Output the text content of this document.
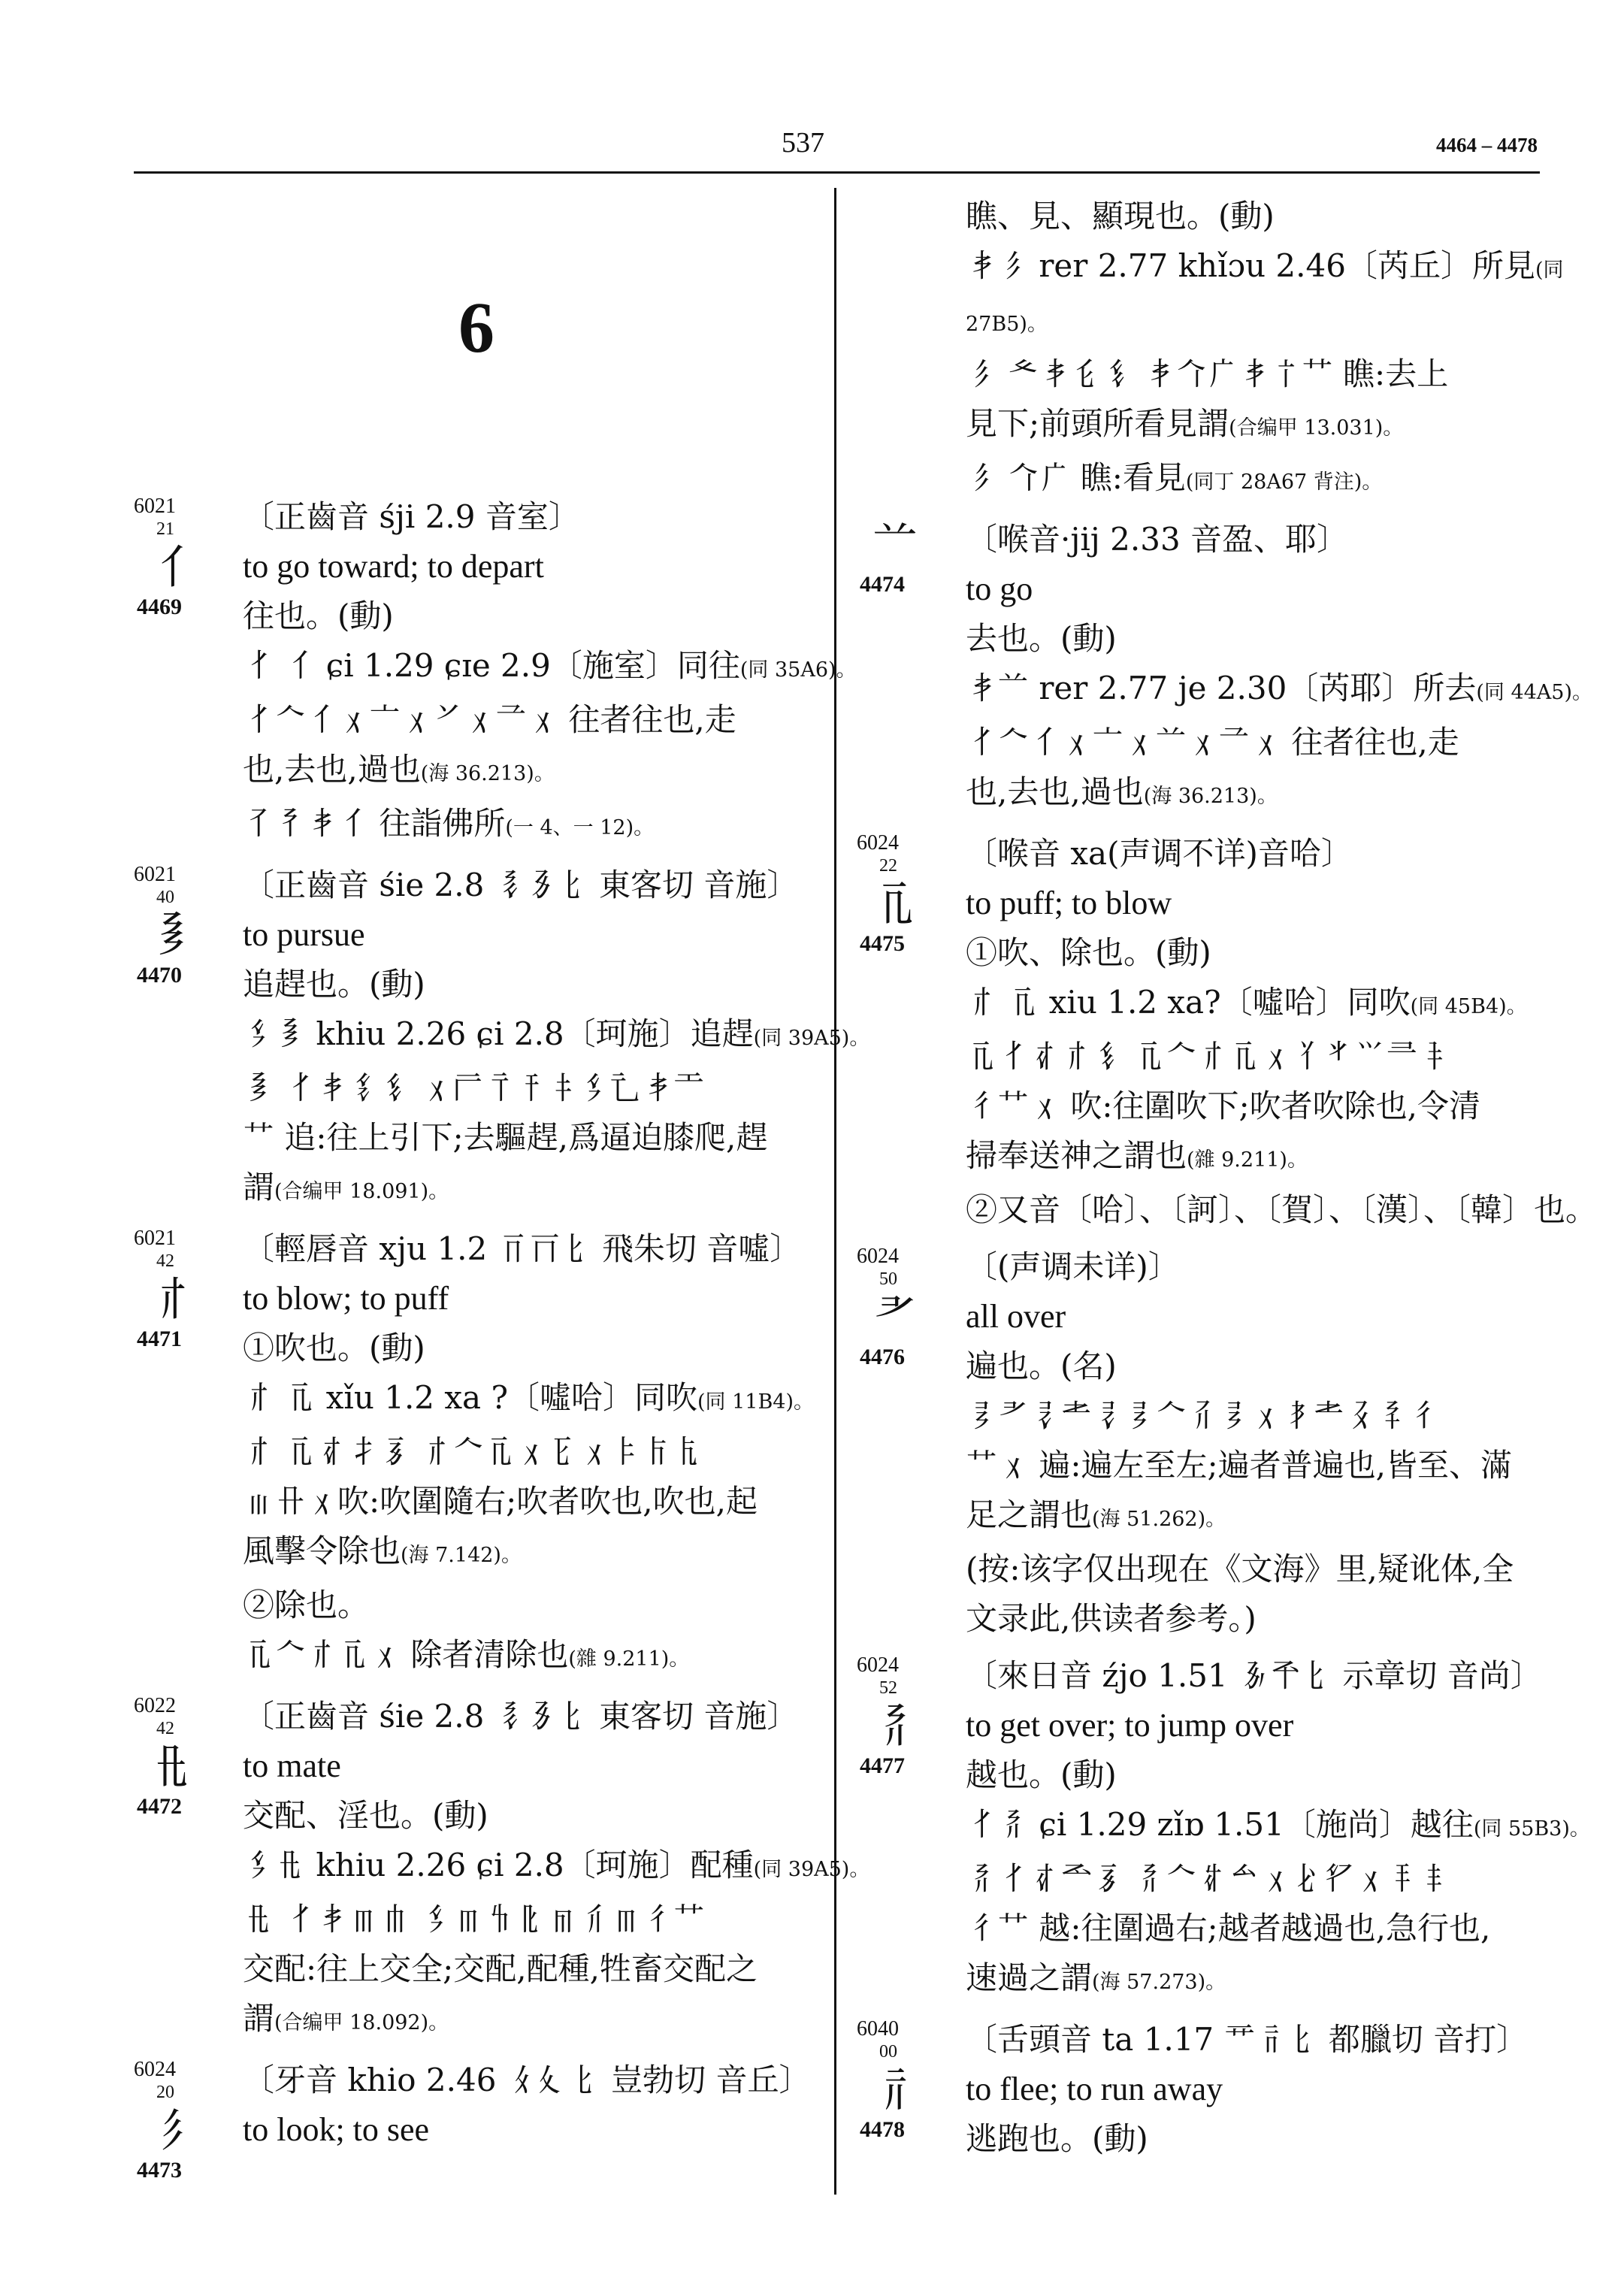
537	4464 – 4478
6
6021
21
𘠕
4469
〔正齒音 śji 2.9 音室〕
to go toward; to depart
往也。(動)
𘠖 𘠕 ɕi 1.29 ɕɪe 2.9〔施室〕同往(同 35A6)。
𘠖𘠗𘠕𘠘𘠙𘠘𘠚𘠘𘠛𘠘 往者往也,走
也,去也,過也(海 36.213)。
𘠜𘠝𘠞𘠕 往詣佛所(一 4、一 12)。
6021
40
𘠟
4470
〔正齒音 śie 2.8 𘠠𘠡𘠢 東客切 音施〕
to pursue
追趕也。(動)
𘠣𘠟 khiu 2.26 ɕi 2.8〔珂施〕追趕(同 39A5)。
𘠟 𘠖𘠞𘠤𘠥 𘠘𘠦𘠧𘠨𘠩𘠣𘠪𘠞𘠫
𘠬 追:往上引下;去驅趕,爲逼迫膝爬,趕
謂(合编甲 18.091)。
6021
42
𘠭
4471
〔輕唇音 xju 1.2 𘠮𘠯𘠢 飛朱切 音噓〕
to blow; to puff
①吹也。(動)
𘠭 𘠰 xǐu 1.2 xa ?〔噓哈〕同吹(同 11B4)。
𘠭 𘠰𘠱𘠲𘠳 𘠭𘠗𘠰𘠘𘠴𘠘𘠵𘠶𘠷
𘠸𘠹𘠘吹:吹圍隨右;吹者吹也,吹也,起
風擊令除也(海 7.142)。
②除也。
𘠰𘠗𘠭𘠰𘠘 除者清除也(雜 9.211)。
6022
42
𘠺
4472
〔正齒音 śie 2.8 𘠠𘠡𘠢 東客切 音施〕
to mate
交配、淫也。(動)
𘠣𘠺 khiu 2.26 ɕi 2.8〔珂施〕配種(同 39A5)。
𘠺 𘠖𘠞𘠻𘠼 𘠣𘠻𘠽𘠾𘠿𘡀𘠻𘡁𘠬
交配:往上交全;交配,配種,牲畜交配之
謂(合编甲 18.092)。
6024
20
𘡂
4473
〔牙音 khio 2.46 𘡃𘡄𘠢 豈勃切 音丘〕
to look; to see
瞧、見、顯現也。(動)
𘠞𘡂 rer 2.77 khǐɔu 2.46〔芮丘〕所見(同
27B5)。
𘡂 𘡅𘠞𘡆𘠥 𘠞𘡇𘡈𘠞𘡉𘠬 瞧:去上
見下;前頭所看見謂(合编甲 13.031)。
𘡂 𘡇𘡈 瞧:看見(同丁 28A67 背注)。
𘡊
4474
〔喉音·jij 2.33 音盈、耶〕
to go
去也。(動)
𘠞𘡊 rer 2.77 je 2.30〔芮耶〕所去(同 44A5)。
𘠖𘠗𘠕𘠘𘠙𘠘𘡊𘠘𘠛𘠘 往者往也,走
也,去也,過也(海 36.213)。
6024
22
𘠰
4475
〔喉音 xa(声调不详)音哈〕
to puff; to blow
①吹、除也。(動)
𘠭 𘠰 xiu 1.2 xa?〔噓哈〕同吹(同 45B4)。
𘠰𘠖𘠱𘠭𘠥 𘠰𘠗𘠭𘠰𘠘𘡋𘡌𘡍𘡎𘡏
𘡁𘠬𘠘 吹:往圍吹下;吹者吹除也,令清
掃奉送神之謂也(雜 9.211)。
②又音〔哈〕、〔訶〕、〔賀〕、〔漢〕、〔韓〕也。
6024
50
𘡐
4476
〔(声调未详)〕
all over
遍也。(名)
𘡑𘡐𘡒𘡓𘡒𘡑𘠗𘡔𘡑𘠘𘡕𘡓𘡖𘡗𘡁
𘠬𘠘 遍:遍左至左;遍者普遍也,皆至、滿
足之謂也(海 51.262)。
(按:该字仅出现在《文海》里,疑讹体,全
文录此,供读者参考。)
6024
52
𘡘
4477
〔來日音 źjo 1.51 𘡙𘡚𘠢 示章切 音尚〕
to get over; to jump over
越也。(動)
𘠖𘡘 ɕi 1.29 zǐɒ 1.51〔施尚〕越往(同 55B3)。
𘡘𘠖𘠱𘡛𘠳 𘡘𘠗𘡜𘡝𘠘𘡞𘡟𘠘𘡠𘡡
𘡁𘠬 越:往圍過右;越者越過也,急行也,
速過之謂(海 57.273)。
6040
00
𘡢
4478
〔舌頭音 ta 1.17 𘡣𘡤𘠢 都臘切 音打〕
to flee; to run away
逃跑也。(動)
